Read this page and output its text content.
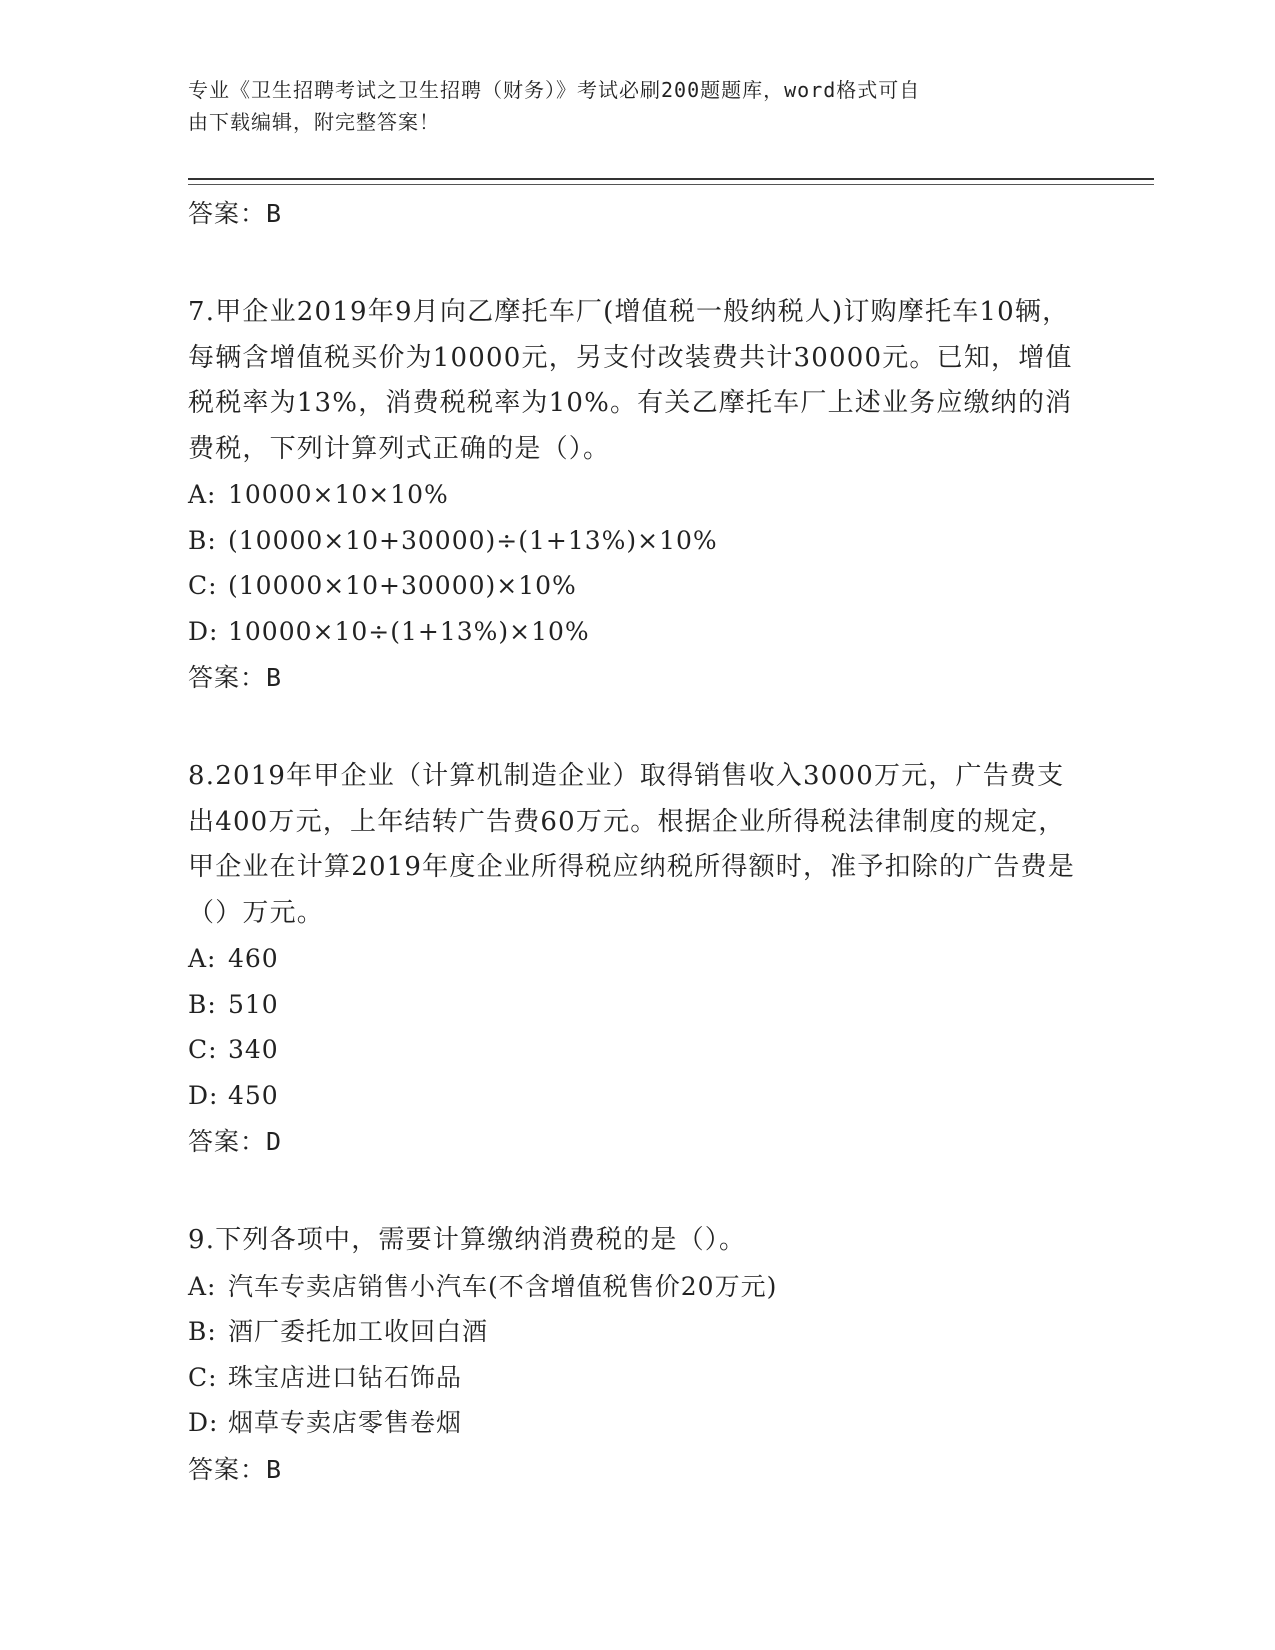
专业《卫生招聘考试之卫生招聘（财务）》考试必刷200题题库，word格式可自
由下载编辑，附完整答案！
答案：B

7.甲企业2019年9月向乙摩托车厂(增值税一般纳税人)订购摩托车10辆，每辆含增值税买价为10000元，另支付改装费共计30000元。已知，增值税税率为13%，消费税税率为10%。有关乙摩托车厂上述业务应缴纳的消费税，下列计算列式正确的是（）。

A: 10000×10×10%
B: (10000×10+30000)÷(1+13%)×10%
C: (10000×10+30000)×10%
D: 10000×10÷(1+13%)×10%
答案：B

8.2019年甲企业（计算机制造企业）取得销售收入3000万元，广告费支出400万元，上年结转广告费60万元。根据企业所得税法律制度的规定，甲企业在计算2019年度企业所得税应纳税所得额时，准予扣除的广告费是（）万元。

A: 460
B: 510
C: 340
D: 450
答案：D

9.下列各项中，需要计算缴纳消费税的是（）。

A: 汽车专卖店销售小汽车(不含增值税售价20万元)
B: 酒厂委托加工收回白酒
C: 珠宝店进口钻石饰品
D: 烟草专卖店零售卷烟
答案：B
